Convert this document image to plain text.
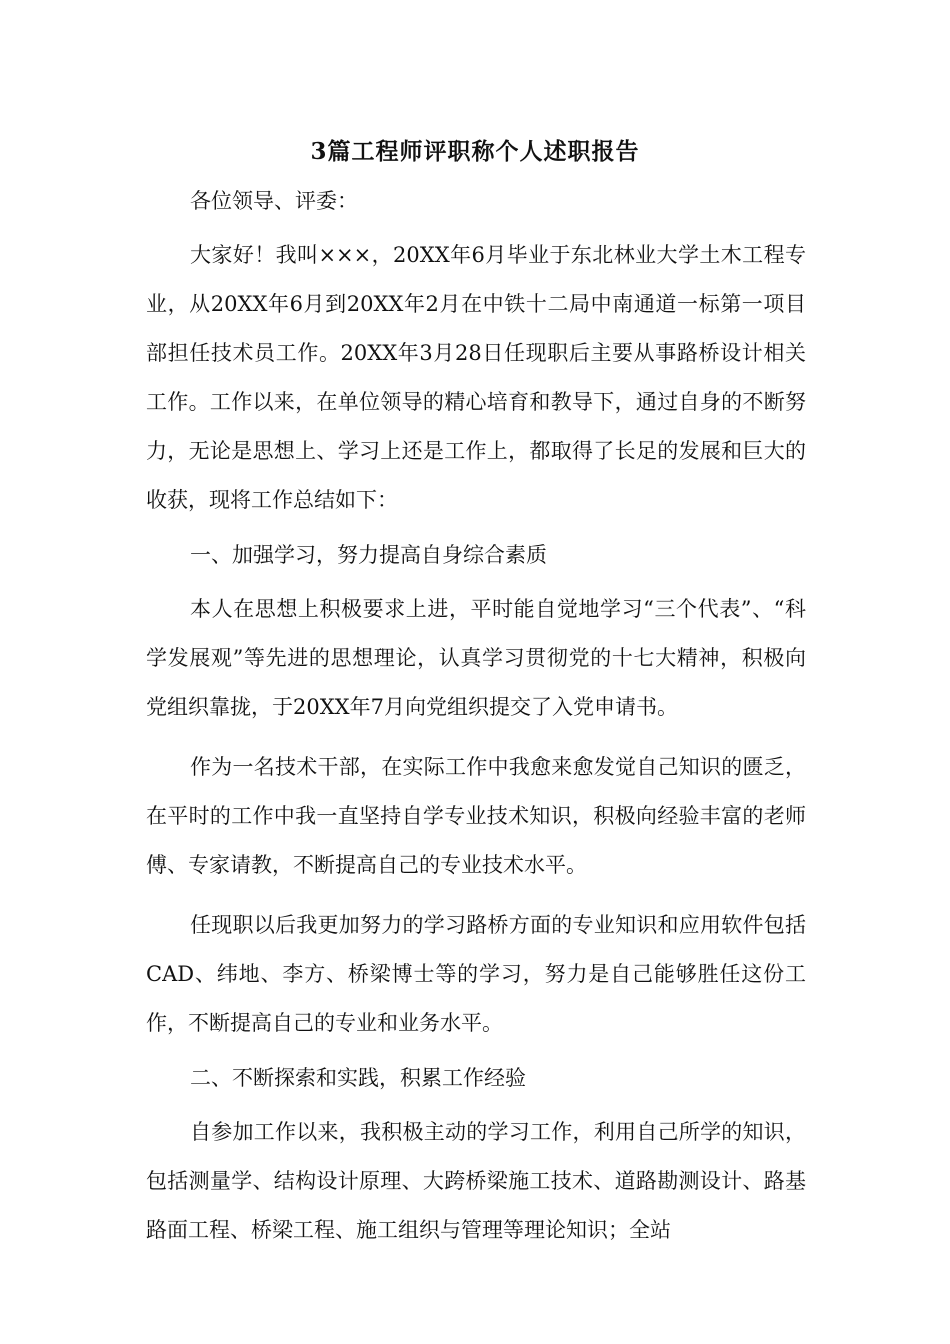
3篇工程师评职称个人述职报告

各位领导、评委：

大家好！我叫×××，20XX年6月毕业于东北林业大学土木工程专业，从20XX年6月到20XX年2月在中铁十二局中南通道一标第一项目部担任技术员工作。20XX年3月28日任现职后主要从事路桥设计相关工作。工作以来，在单位领导的精心培育和教导下，通过自身的不断努力，无论是思想上、学习上还是工作上，都取得了长足的发展和巨大的收获，现将工作总结如下：

一、加强学习，努力提高自身综合素质

本人在思想上积极要求上进，平时能自觉地学习“三个代表”、“科学发展观”等先进的思想理论，认真学习贯彻党的十七大精神，积极向党组织靠拢，于20XX年7月向党组织提交了入党申请书。

作为一名技术干部，在实际工作中我愈来愈发觉自己知识的匮乏，在平时的工作中我一直坚持自学专业技术知识，积极向经验丰富的老师傅、专家请教，不断提高自己的专业技术水平。

任现职以后我更加努力的学习路桥方面的专业知识和应用软件包括CAD、纬地、李方、桥梁博士等的学习，努力是自己能够胜任这份工作，不断提高自己的专业和业务水平。

二、不断探索和实践，积累工作经验

自参加工作以来，我积极主动的学习工作，利用自己所学的知识，包括测量学、结构设计原理、大跨桥梁施工技术、道路勘测设计、路基路面工程、桥梁工程、施工组织与管理等理论知识；全站
